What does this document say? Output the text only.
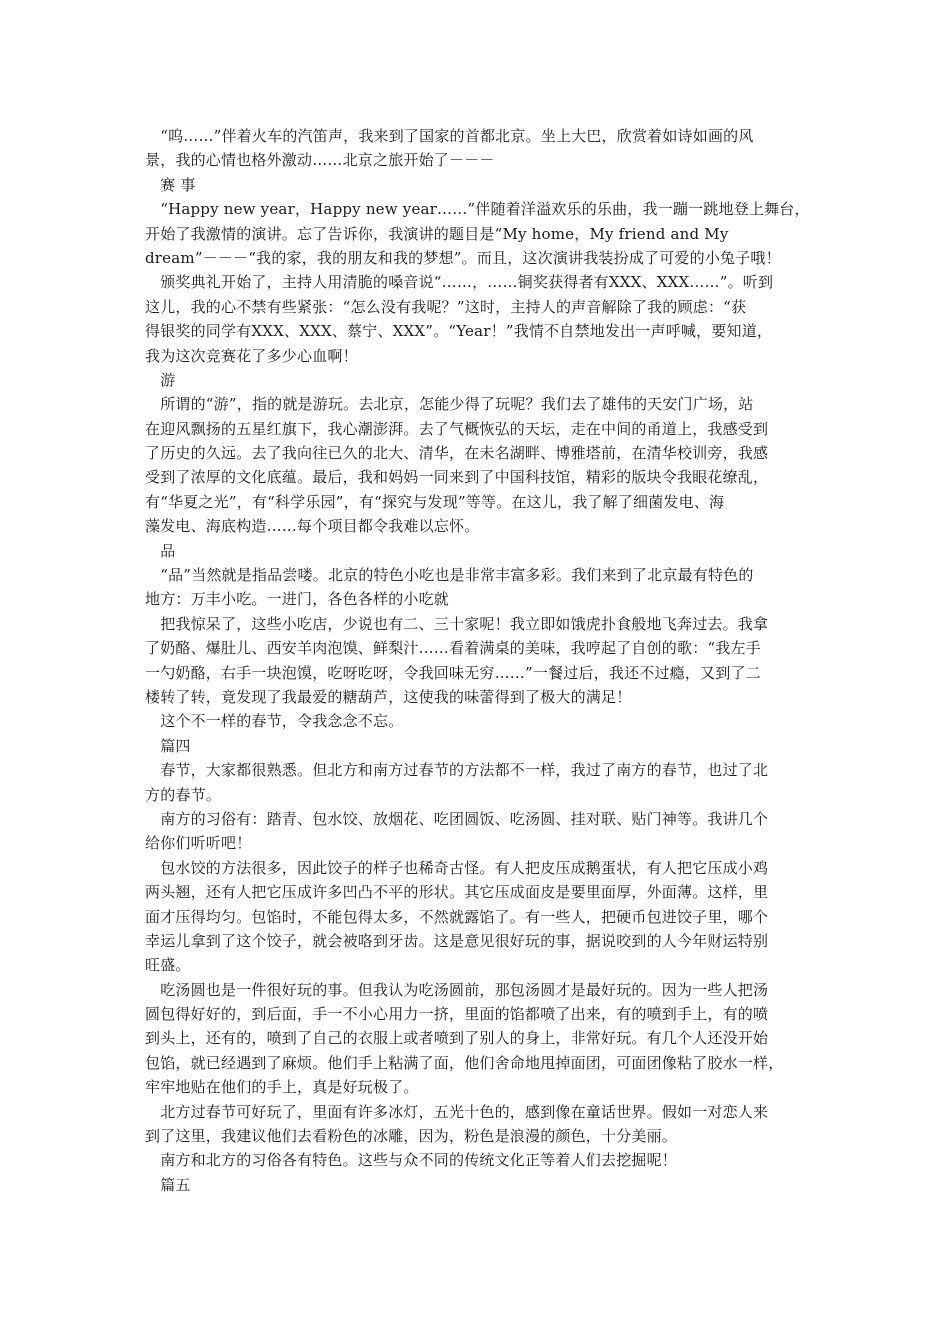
　“呜……”伴着火车的汽笛声，我来到了国家的首都北京。坐上大巴，欣赏着如诗如画的风
景，我的心情也格外激动……北京之旅开始了－－－
　赛 事
　“Happy new year，Happy new year……”伴随着洋溢欢乐的乐曲，我一蹦一跳地登上舞台，
开始了我激情的演讲。忘了告诉你，我演讲的题目是“My home，My friend and My
dream”－－－“我的家，我的朋友和我的梦想”。而且，这次演讲我装扮成了可爱的小兔子哦！
　颁奖典礼开始了，主持人用清脆的嗓音说“……，……铜奖获得者有XXX、XXX……”。听到
这儿，我的心不禁有些紧张：“怎么没有我呢？”这时，主持人的声音解除了我的顾虑：“获
得银奖的同学有XXX、XXX、蔡宁、XXX”。“Year！”我情不自禁地发出一声呼喊，要知道，
我为这次竞赛花了多少心血啊！
　游
　所谓的“游”，指的就是游玩。去北京，怎能少得了玩呢？我们去了雄伟的天安门广场，站
在迎风飘扬的五星红旗下，我心潮澎湃。去了气概恢弘的天坛，走在中间的甬道上，我感受到
了历史的久远。去了我向往已久的北大、清华，在未名湖畔、博雅塔前，在清华校训旁，我感
受到了浓厚的文化底蕴。最后，我和妈妈一同来到了中国科技馆，精彩的版块令我眼花缭乱，
有“华夏之光”，有“科学乐园”，有“探究与发现”等等。在这儿，我了解了细菌发电、海
藻发电、海底构造……每个项目都令我难以忘怀。
　品
　“品”当然就是指品尝喽。北京的特色小吃也是非常丰富多彩。我们来到了北京最有特色的
地方：万丰小吃。一进门，各色各样的小吃就
　把我惊呆了，这些小吃店，少说也有二、三十家呢！我立即如饿虎扑食般地飞奔过去。我拿
了奶酪、爆肚儿、西安羊肉泡馍、鲜梨汁……看着满桌的美味，我哼起了自创的歌：“我左手
一勺奶酪，右手一块泡馍，吃呀吃呀，令我回味无穷……”一餐过后，我还不过瘾，又到了二
楼转了转，竟发现了我最爱的糖葫芦，这使我的味蕾得到了极大的满足！
　这个不一样的春节，令我念念不忘。
　篇四
　春节，大家都很熟悉。但北方和南方过春节的方法都不一样，我过了南方的春节，也过了北
方的春节。
　南方的习俗有：踏青、包水饺、放烟花、吃团圆饭、吃汤圆、挂对联、贴门神等。我讲几个
给你们听听吧！
　包水饺的方法很多，因此饺子的样子也稀奇古怪。有人把皮压成鹅蛋状，有人把它压成小鸡
两头翘，还有人把它压成许多凹凸不平的形状。其它压成面皮是要里面厚，外面薄。这样，里
面才压得均匀。包馅时，不能包得太多，不然就露馅了。有一些人，把硬币包进饺子里，哪个
幸运儿拿到了这个饺子，就会被咯到牙齿。这是意见很好玩的事，据说咬到的人今年财运特别
旺盛。
　吃汤圆也是一件很好玩的事。但我认为吃汤圆前，那包汤圆才是最好玩的。因为一些人把汤
圆包得好好的，到后面，手一不小心用力一挤，里面的馅都喷了出来，有的喷到手上，有的喷
到头上，还有的，喷到了自己的衣服上或者喷到了别人的身上，非常好玩。有几个人还没开始
包馅，就已经遇到了麻烦。他们手上粘满了面，他们舍命地甩掉面团，可面团像粘了胶水一样，
牢牢地贴在他们的手上，真是好玩极了。
　北方过春节可好玩了，里面有许多冰灯，五光十色的，感到像在童话世界。假如一对恋人来
到了这里，我建议他们去看粉色的冰雕，因为，粉色是浪漫的颜色，十分美丽。
　南方和北方的习俗各有特色。这些与众不同的传统文化正等着人们去挖掘呢！
　篇五
